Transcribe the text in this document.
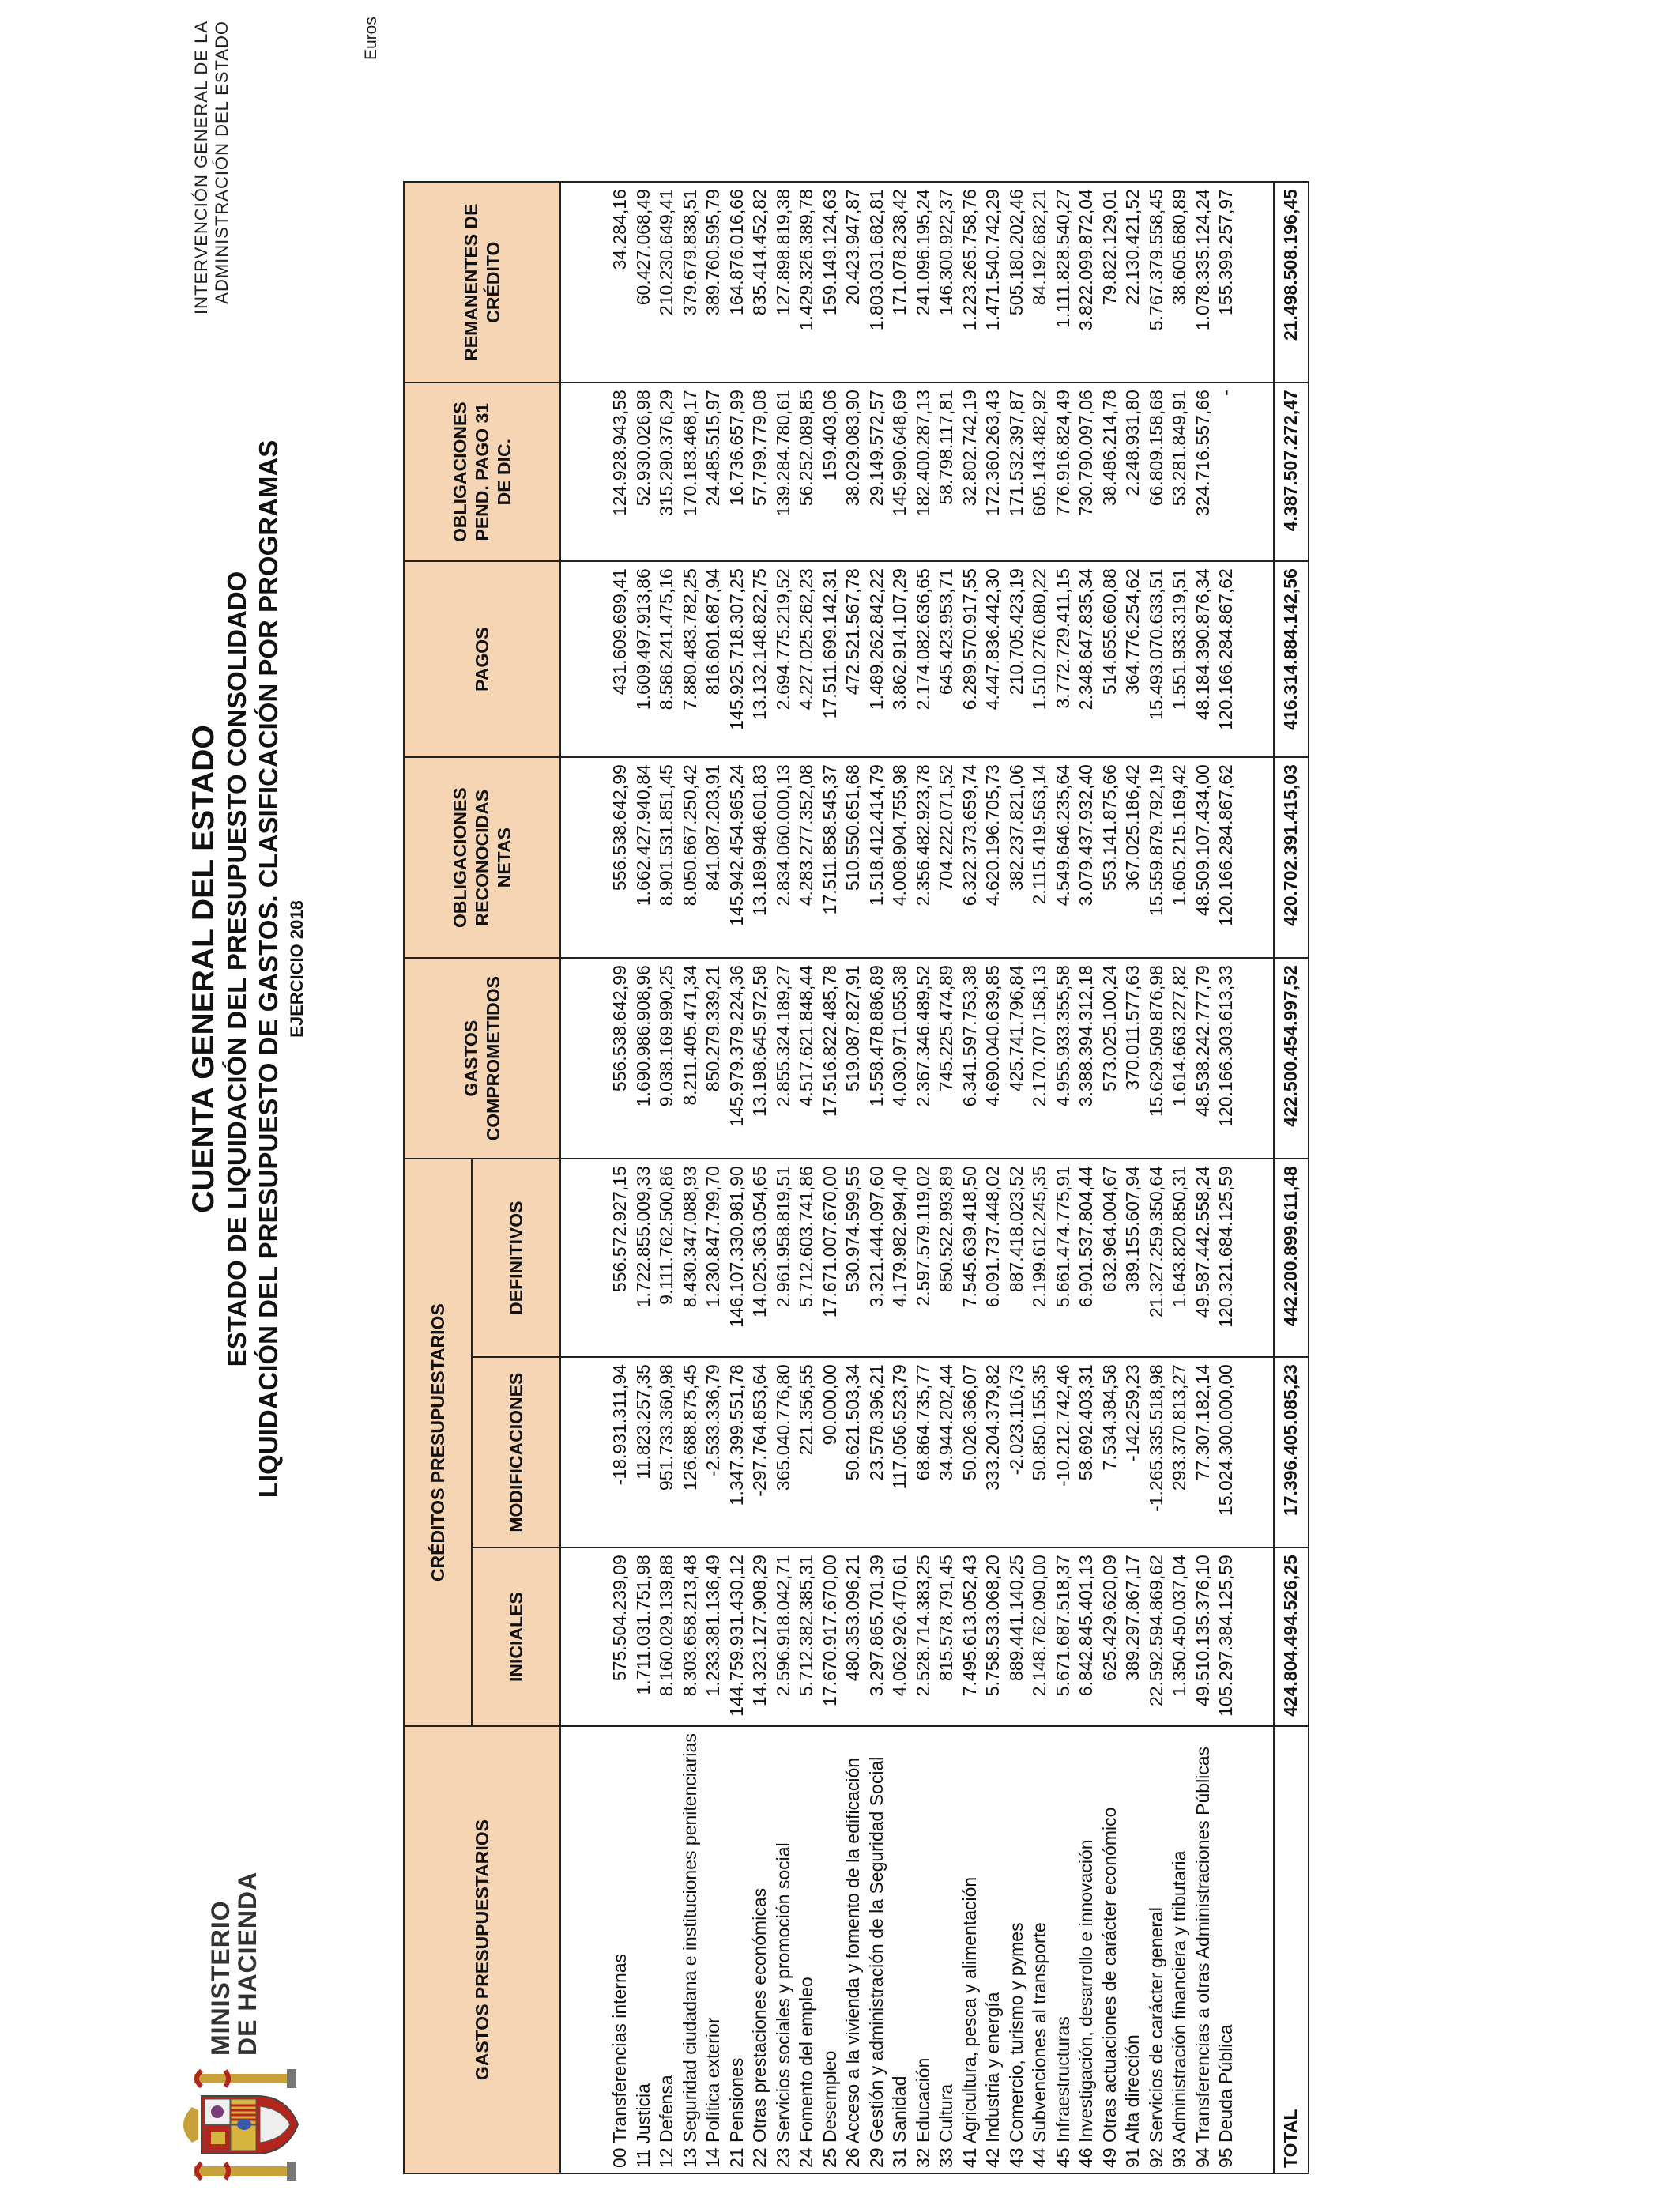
MINISTERIO
DE HACIENDA
CUENTA GENERAL DEL ESTADO ESTADO DE LIQUIDACIÓN DEL PRESUPUESTO CONSOLIDADO LIQUIDACIÓN DEL PRESUPUESTO DE GASTOS. CLASIFICACIÓN POR PROGRAMAS EJERCICIO 2018
INTERVENCIÓN GENERAL DE LA ADMINISTRACIÓN DEL ESTADO	Euros
GASTOS PRESUPUESTARIOS	CRÉDITOS PRESUPUESTARIOS			GASTOS COMPROMETIDOS	OBLIGACIONES RECONOCIDAS NETAS	PAGOS	OBLIGACIONES PEND. PAGO 31 DE DIC.	REMANENTES DE CRÉDITO
	INICIALES	MODIFICACIONES	DEFINITIVOS					
00 Transferencias internas	575.504.239,09	-18.931.311,94	556.572.927,15	556.538.642,99	556.538.642,99	431.609.699,41	124.928.943,58	34.284,16
11 Justicia	1.711.031.751,98	11.823.257,35	1.722.855.009,33	1.690.986.908,96	1.662.427.940,84	1.609.497.913,86	52.930.026,98	60.427.068,49
12 Defensa	8.160.029.139,88	951.733.360,98	9.111.762.500,86	9.038.169.990,25	8.901.531.851,45	8.586.241.475,16	315.290.376,29	210.230.649,41
13 Seguridad ciudadana e instituciones penitenciarias	8.303.658.213,48	126.688.875,45	8.430.347.088,93	8.211.405.471,34	8.050.667.250,42	7.880.483.782,25	170.183.468,17	379.679.838,51
14 Política exterior	1.233.381.136,49	-2.533.336,79	1.230.847.799,70	850.279.339,21	841.087.203,91	816.601.687,94	24.485.515,97	389.760.595,79
21 Pensiones	144.759.931.430,12	1.347.399.551,78	146.107.330.981,90	145.979.379.224,36	145.942.454.965,24	145.925.718.307,25	16.736.657,99	164.876.016,66
22 Otras prestaciones económicas	14.323.127.908,29	-297.764.853,64	14.025.363.054,65	13.198.645.972,58	13.189.948.601,83	13.132.148.822,75	57.799.779,08	835.414.452,82
23 Servicios sociales y promoción social	2.596.918.042,71	365.040.776,80	2.961.958.819,51	2.855.324.189,27	2.834.060.000,13	2.694.775.219,52	139.284.780,61	127.898.819,38
24 Fomento del empleo	5.712.382.385,31	221.356,55	5.712.603.741,86	4.517.621.848,44	4.283.277.352,08	4.227.025.262,23	56.252.089,85	1.429.326.389,78
25 Desempleo	17.670.917.670,00	90.000,00	17.671.007.670,00	17.516.822.485,78	17.511.858.545,37	17.511.699.142,31	159.403,06	159.149.124,63
26 Acceso a la vivienda y fomento de la edificación	480.353.096,21	50.621.503,34	530.974.599,55	519.087.827,91	510.550.651,68	472.521.567,78	38.029.083,90	20.423.947,87
29 Gestión y administración de la Seguridad Social	3.297.865.701,39	23.578.396,21	3.321.444.097,60	1.558.478.886,89	1.518.412.414,79	1.489.262.842,22	29.149.572,57	1.803.031.682,81
31 Sanidad	4.062.926.470,61	117.056.523,79	4.179.982.994,40	4.030.971.055,38	4.008.904.755,98	3.862.914.107,29	145.990.648,69	171.078.238,42
32 Educación	2.528.714.383,25	68.864.735,77	2.597.579.119,02	2.367.346.489,52	2.356.482.923,78	2.174.082.636,65	182.400.287,13	241.096.195,24
33 Cultura	815.578.791,45	34.944.202,44	850.522.993,89	745.225.474,89	704.222.071,52	645.423.953,71	58.798.117,81	146.300.922,37
41 Agricultura, pesca y alimentación	7.495.613.052,43	50.026.366,07	7.545.639.418,50	6.341.597.753,38	6.322.373.659,74	6.289.570.917,55	32.802.742,19	1.223.265.758,76
42 Industria y energía	5.758.533.068,20	333.204.379,82	6.091.737.448,02	4.690.040.639,85	4.620.196.705,73	4.447.836.442,30	172.360.263,43	1.471.540.742,29
43 Comercio, turismo y pymes	889.441.140,25	-2.023.116,73	887.418.023,52	425.741.796,84	382.237.821,06	210.705.423,19	171.532.397,87	505.180.202,46
44 Subvenciones al transporte	2.148.762.090,00	50.850.155,35	2.199.612.245,35	2.170.707.158,13	2.115.419.563,14	1.510.276.080,22	605.143.482,92	84.192.682,21
45 Infraestructuras	5.671.687.518,37	-10.212.742,46	5.661.474.775,91	4.955.933.355,58	4.549.646.235,64	3.772.729.411,15	776.916.824,49	1.111.828.540,27
46 Investigación, desarrollo e innovación	6.842.845.401,13	58.692.403,31	6.901.537.804,44	3.388.394.312,18	3.079.437.932,40	2.348.647.835,34	730.790.097,06	3.822.099.872,04
49 Otras actuaciones de carácter económico	625.429.620,09	7.534.384,58	632.964.004,67	573.025.100,24	553.141.875,66	514.655.660,88	38.486.214,78	79.822.129,01
91 Alta dirección	389.297.867,17	-142.259,23	389.155.607,94	370.011.577,63	367.025.186,42	364.776.254,62	2.248.931,80	22.130.421,52
92 Servicios de carácter general	22.592.594.869,62	-1.265.335.518,98	21.327.259.350,64	15.629.509.876,98	15.559.879.792,19	15.493.070.633,51	66.809.158,68	5.767.379.558,45
93 Administración financiera y tributaria	1.350.450.037,04	293.370.813,27	1.643.820.850,31	1.614.663.227,82	1.605.215.169,42	1.551.933.319,51	53.281.849,91	38.605.680,89
94 Transferencias a otras Administraciones Públicas	49.510.135.376,10	77.307.182,14	49.587.442.558,24	48.538.242.777,79	48.509.107.434,00	48.184.390.876,34	324.716.557,66	1.078.335.124,24
95 Deuda Pública	105.297.384.125,59	15.024.300.000,00	120.321.684.125,59	120.166.303.613,33	120.166.284.867,62	120.166.284.867,62	-	155.399.257,97
TOTAL	424.804.494.526,25	17.396.405.085,23	442.200.899.611,48	422.500.454.997,52	420.702.391.415,03	416.314.884.142,56	4.387.507.272,47	21.498.508.196,45
